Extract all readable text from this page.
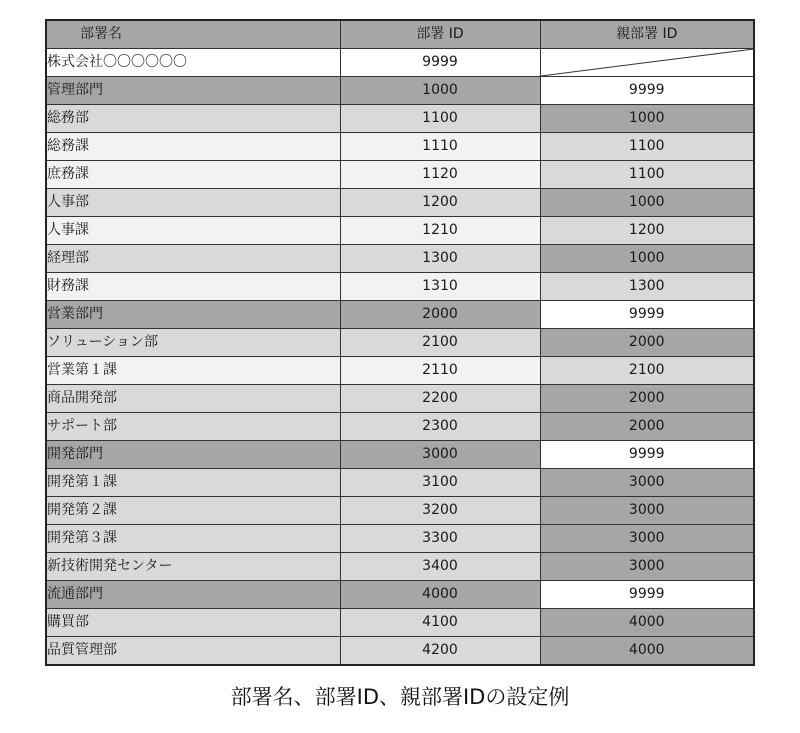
部署名	部署 ID	親部署 ID
株式会社〇〇〇〇〇〇	9999	

管理部門	1000	9999
総務部	1100	1000
総務課	1110	1100
庶務課	1120	1100
人事部	1200	1000
人事課	1210	1200
経理部	1300	1000
財務課	1310	1300
営業部門	2000	9999
ソリューション部	2100	2000
営業第１課	2110	2100
商品開発部	2200	2000
サポート部	2300	2000
開発部門	3000	9999
開発第１課	3100	3000
開発第２課	3200	3000
開発第３課	3300	3000
新技術開発センター	3400	3000
流通部門	4000	9999
購買部	4100	4000
品質管理部	4200	4000
部署名、部署ID、親部署IDの設定例
